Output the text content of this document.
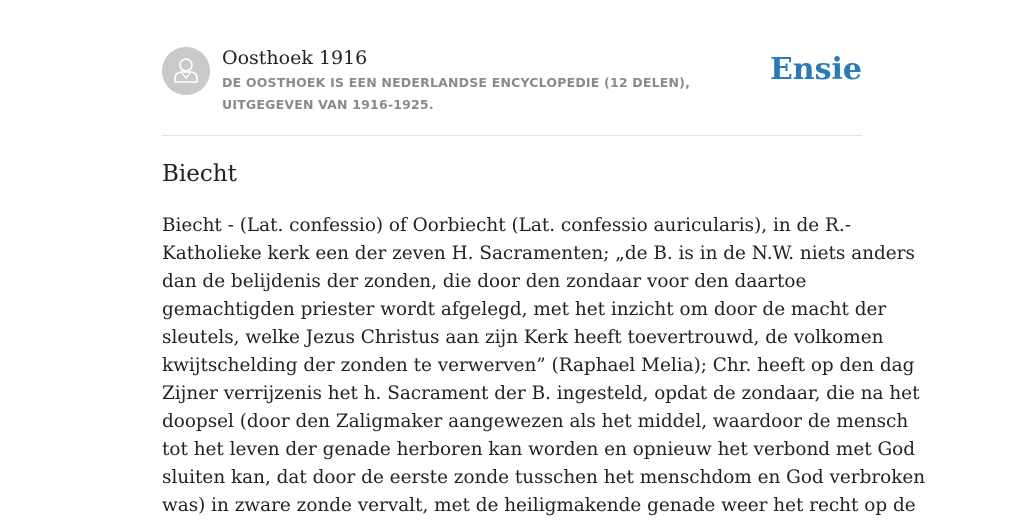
Oosthoek 1916
DE OOSTHOEK IS EEN NEDERLANDSE ENCYCLOPEDIE (12 DELEN), UITGEGEVEN VAN 1916-1925.
Ensie
Biecht
Biecht - (Lat. confessio) of Oorbiecht (Lat. confessio auricularis), in de R.-
Katholieke kerk een der zeven H. Sacramenten; „de B. is in de N.W. niets anders
dan de belijdenis der zonden, die door den zondaar voor den daartoe
gemachtigden priester wordt afgelegd, met het inzicht om door de macht der
sleutels, welke Jezus Christus aan zijn Kerk heeft toevertrouwd, de volkomen
kwijtschelding der zonden te verwerven” (Raphael Melia); Chr. heeft op den dag
Zijner verrijzenis het h. Sacrament der B. ingesteld, opdat de zondaar, die na het
doopsel (door den Zaligmaker aangewezen als het middel, waardoor de mensch
tot het leven der genade herboren kan worden en opnieuw het verbond met God
sluiten kan, dat door de eerste zonde tusschen het menschdom en God verbroken
was) in zware zonde vervalt, met de heiligmakende genade weer het recht op de
